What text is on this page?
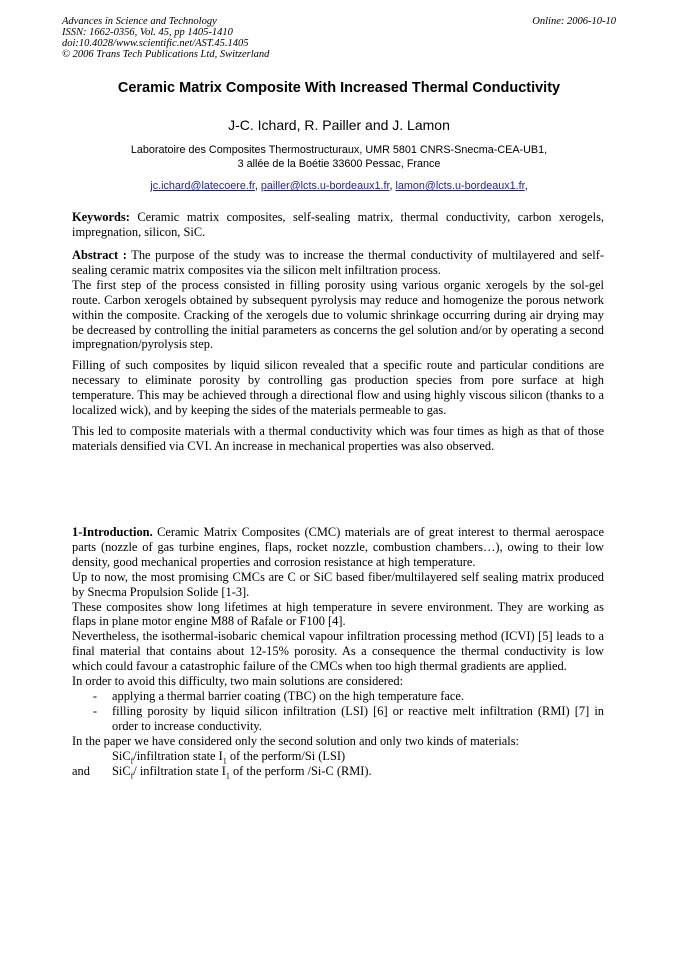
Advances in Science and Technology
ISSN: 1662-0356, Vol. 45, pp 1405-1410
doi:10.4028/www.scientific.net/AST.45.1405
© 2006 Trans Tech Publications Ltd, Switzerland
Online: 2006-10-10
Ceramic Matrix Composite With Increased Thermal Conductivity
J-C. Ichard, R. Pailler and J. Lamon
Laboratoire des Composites Thermostructuraux, UMR 5801 CNRS-Snecma-CEA-UB1,
3 allée de la Boétie 33600 Pessac, France
jc.ichard@latecoere.fr, pailler@lcts.u-bordeaux1.fr, lamon@lcts.u-bordeaux1.fr,

Keywords: Ceramic matrix composites, self-sealing matrix, thermal conductivity, carbon xerogels, impregnation, silicon, SiC.

Abstract : The purpose of the study was to increase the thermal conductivity of multilayered and self-sealing ceramic matrix composites via the silicon melt infiltration process.

The first step of the process consisted in filling porosity using various organic xerogels by the sol-gel route. Carbon xerogels obtained by subsequent pyrolysis may reduce and homogenize the porous network within the composite. Cracking of the xerogels due to volumic shrinkage occurring during air drying may be decreased by controlling the initial parameters as concerns the gel solution and/or by operating a second impregnation/pyrolysis step.

Filling of such composites by liquid silicon revealed that a specific route and particular conditions are necessary to eliminate porosity by controlling gas production species from pore surface at high temperature. This may be achieved through a directional flow and using highly viscous silicon (thanks to a localized wick), and by keeping the sides of the materials permeable to gas.

This led to composite materials with a thermal conductivity which was four times as high as that of those materials densified via CVI. An increase in mechanical properties was also observed.

1-Introduction. Ceramic Matrix Composites (CMC) materials are of great interest to thermal aerospace parts (nozzle of gas turbine engines, flaps, rocket nozzle, combustion chambers…), owing to their low density, good mechanical properties and corrosion resistance at high temperature.

Up to now, the most promising CMCs are C or SiC based fiber/multilayered self sealing matrix produced by Snecma Propulsion Solide [1-3].

These composites show long lifetimes at high temperature in severe environment. They are working as flaps in plane motor engine M88 of Rafale or F100 [4].

Nevertheless, the isothermal-isobaric chemical vapour infiltration processing method (ICVI) [5] leads to a final material that contains about 12-15% porosity. As a consequence the thermal conductivity is low which could favour a catastrophic failure of the CMCs when too high thermal gradients are applied.

In order to avoid this difficulty, two main solutions are considered:

-	applying a thermal barrier coating (TBC) on the high temperature face.
-	filling porosity by liquid silicon infiltration (LSI) [6] or reactive melt infiltration (RMI) [7] in order to increase conductivity.

In the paper we have considered only the second solution and only two kinds of materials:

SiC$_f$/infiltration state $I_1$ of the perform/Si (LSI)
and	SiC$_f$/ infiltration state $I_1$ of the perform /Si-C (RMI).
